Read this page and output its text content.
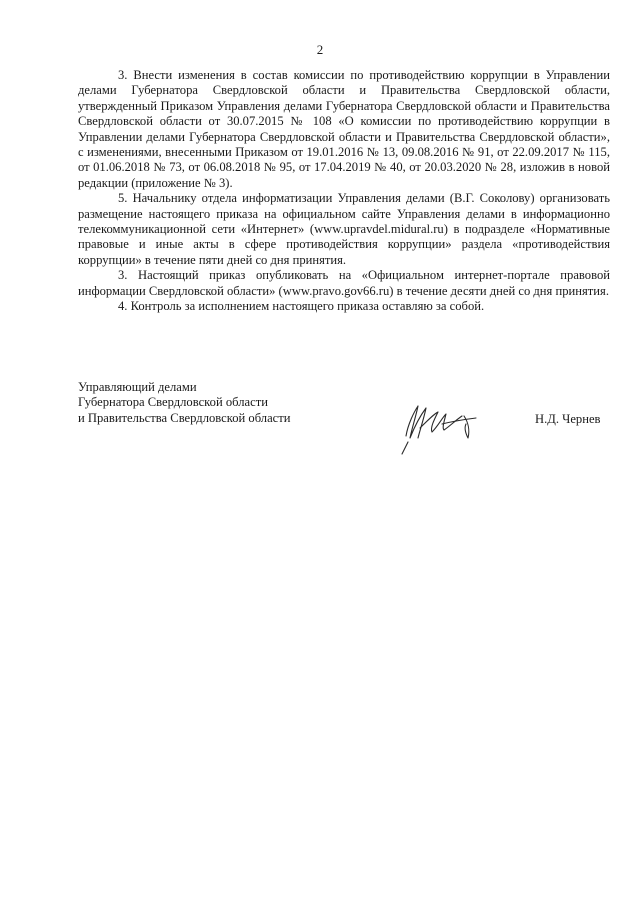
2

3. Внести изменения в состав комиссии по противодействию коррупции в Управлении делами Губернатора Свердловской области и Правительства Свердловской области, утвержденный Приказом Управления делами Губернатора Свердловской области и Правительства Свердловской области от 30.07.2015 № 108 «О комиссии по противодействию коррупции в Управлении делами Губернатора Свердловской области и Правительства Свердловской области», с изменениями, внесенными Приказом от 19.01.2016 № 13, 09.08.2016 № 91, от 22.09.2017 № 115, от 01.06.2018 № 73, от 06.08.2018 № 95, от 17.04.2019 № 40, от 20.03.2020 № 28, изложив в новой редакции (приложение № 3).

5. Начальнику отдела информатизации Управления делами (В.Г. Соколову) организовать размещение настоящего приказа на официальном сайте Управления делами в информационно телекоммуникационной сети «Интернет» (www.upravdel.midural.ru) в подразделе «Нормативные правовые и иные акты в сфере противодействия коррупции» раздела «противодействия коррупции» в течение пяти дней со дня принятия.

3. Настоящий приказ опубликовать на «Официальном интернет-портале правовой информации Свердловской области» (www.pravo.gov66.ru) в течение десяти дней со дня принятия.

4. Контроль за исполнением настоящего приказа оставляю за собой.

Управляющий делами
Губернатора Свердловской области
и Правительства Свердловской области	Н.Д. Чернев
